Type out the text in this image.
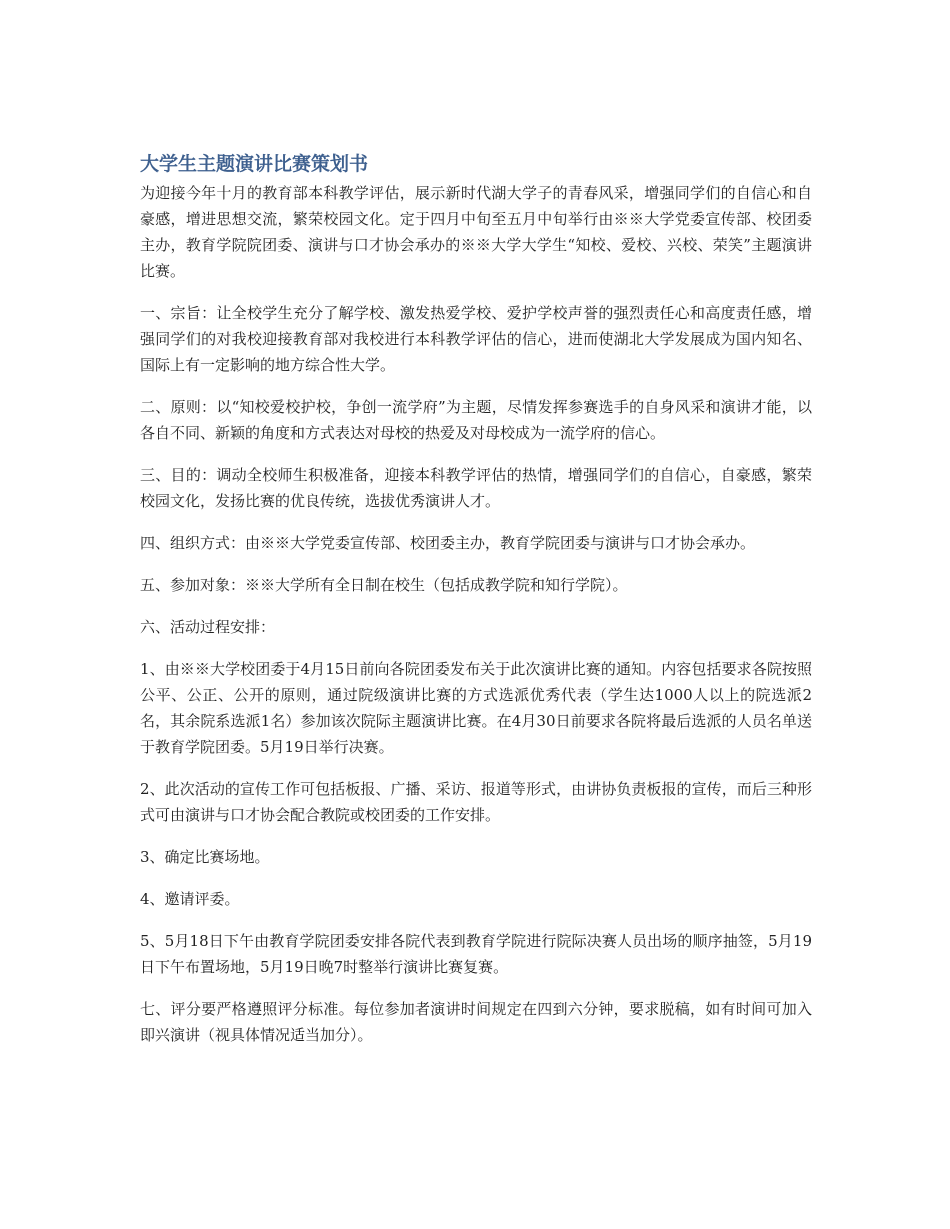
大学生主题演讲比赛策划书

为迎接今年十月的教育部本科教学评估，展示新时代湖大学子的青春风采，增强同学们的自信心和自豪感，增进思想交流，繁荣校园文化。定于四月中旬至五月中旬举行由※※大学党委宣传部、校团委主办，教育学院院团委、演讲与口才协会承办的※※大学大学生“知校、爱校、兴校、荣笑”主题演讲比赛。

一、宗旨：让全校学生充分了解学校、激发热爱学校、爱护学校声誉的强烈责任心和高度责任感，增强同学们的对我校迎接教育部对我校进行本科教学评估的信心，进而使湖北大学发展成为国内知名、国际上有一定影响的地方综合性大学。

二、原则：以“知校爱校护校，争创一流学府”为主题，尽情发挥参赛选手的自身风采和演讲才能，以各自不同、新颖的角度和方式表达对母校的热爱及对母校成为一流学府的信心。

三、目的：调动全校师生积极准备，迎接本科教学评估的热情，增强同学们的自信心，自豪感，繁荣校园文化，发扬比赛的优良传统，选拔优秀演讲人才。

四、组织方式：由※※大学党委宣传部、校团委主办，教育学院团委与演讲与口才协会承办。

五、参加对象：※※大学所有全日制在校生（包括成教学院和知行学院）。

六、活动过程安排：

1、由※※大学校团委于4月15日前向各院团委发布关于此次演讲比赛的通知。内容包括要求各院按照公平、公正、公开的原则，通过院级演讲比赛的方式选派优秀代表（学生达1000人以上的院选派2名，其余院系选派1名）参加该次院际主题演讲比赛。在4月30日前要求各院将最后选派的人员名单送于教育学院团委。5月19日举行决赛。

2、此次活动的宣传工作可包括板报、广播、采访、报道等形式，由讲协负责板报的宣传，而后三种形式可由演讲与口才协会配合教院或校团委的工作安排。

3、确定比赛场地。

4、邀请评委。

5、5月18日下午由教育学院团委安排各院代表到教育学院进行院际决赛人员出场的顺序抽签，5月19日下午布置场地，5月19日晚7时整举行演讲比赛复赛。

七、评分要严格遵照评分标准。每位参加者演讲时间规定在四到六分钟，要求脱稿，如有时间可加入即兴演讲（视具体情况适当加分）。
